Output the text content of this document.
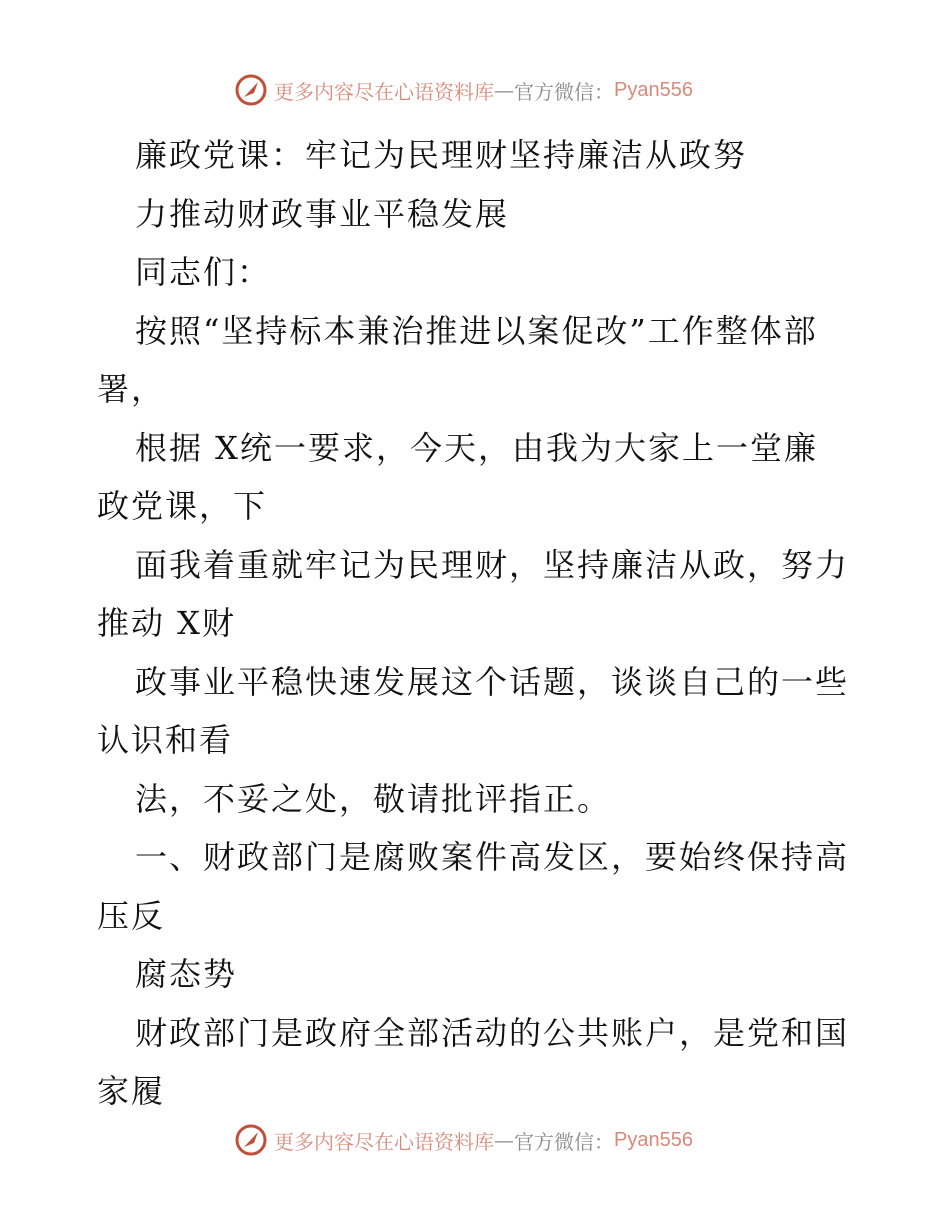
更多内容尽在心语资料库 — 官方微信： Pyan556
廉政党课：牢记为民理财坚持廉洁从政努
力推动财政事业平稳发展
同志们：
按照“坚持标本兼治推进以案促改”工作整体部
署，
根据 X统一要求，今天，由我为大家上一堂廉
政党课，下
面我着重就牢记为民理财，坚持廉洁从政，努力
推动 X财
政事业平稳快速发展这个话题，谈谈自己的一些
认识和看
法，不妥之处，敬请批评指正。
一、财政部门是腐败案件高发区，要始终保持高
压反
腐态势
财政部门是政府全部活动的公共账户，是党和国
家履
更多内容尽在心语资料库 — 官方微信： Pyan556
